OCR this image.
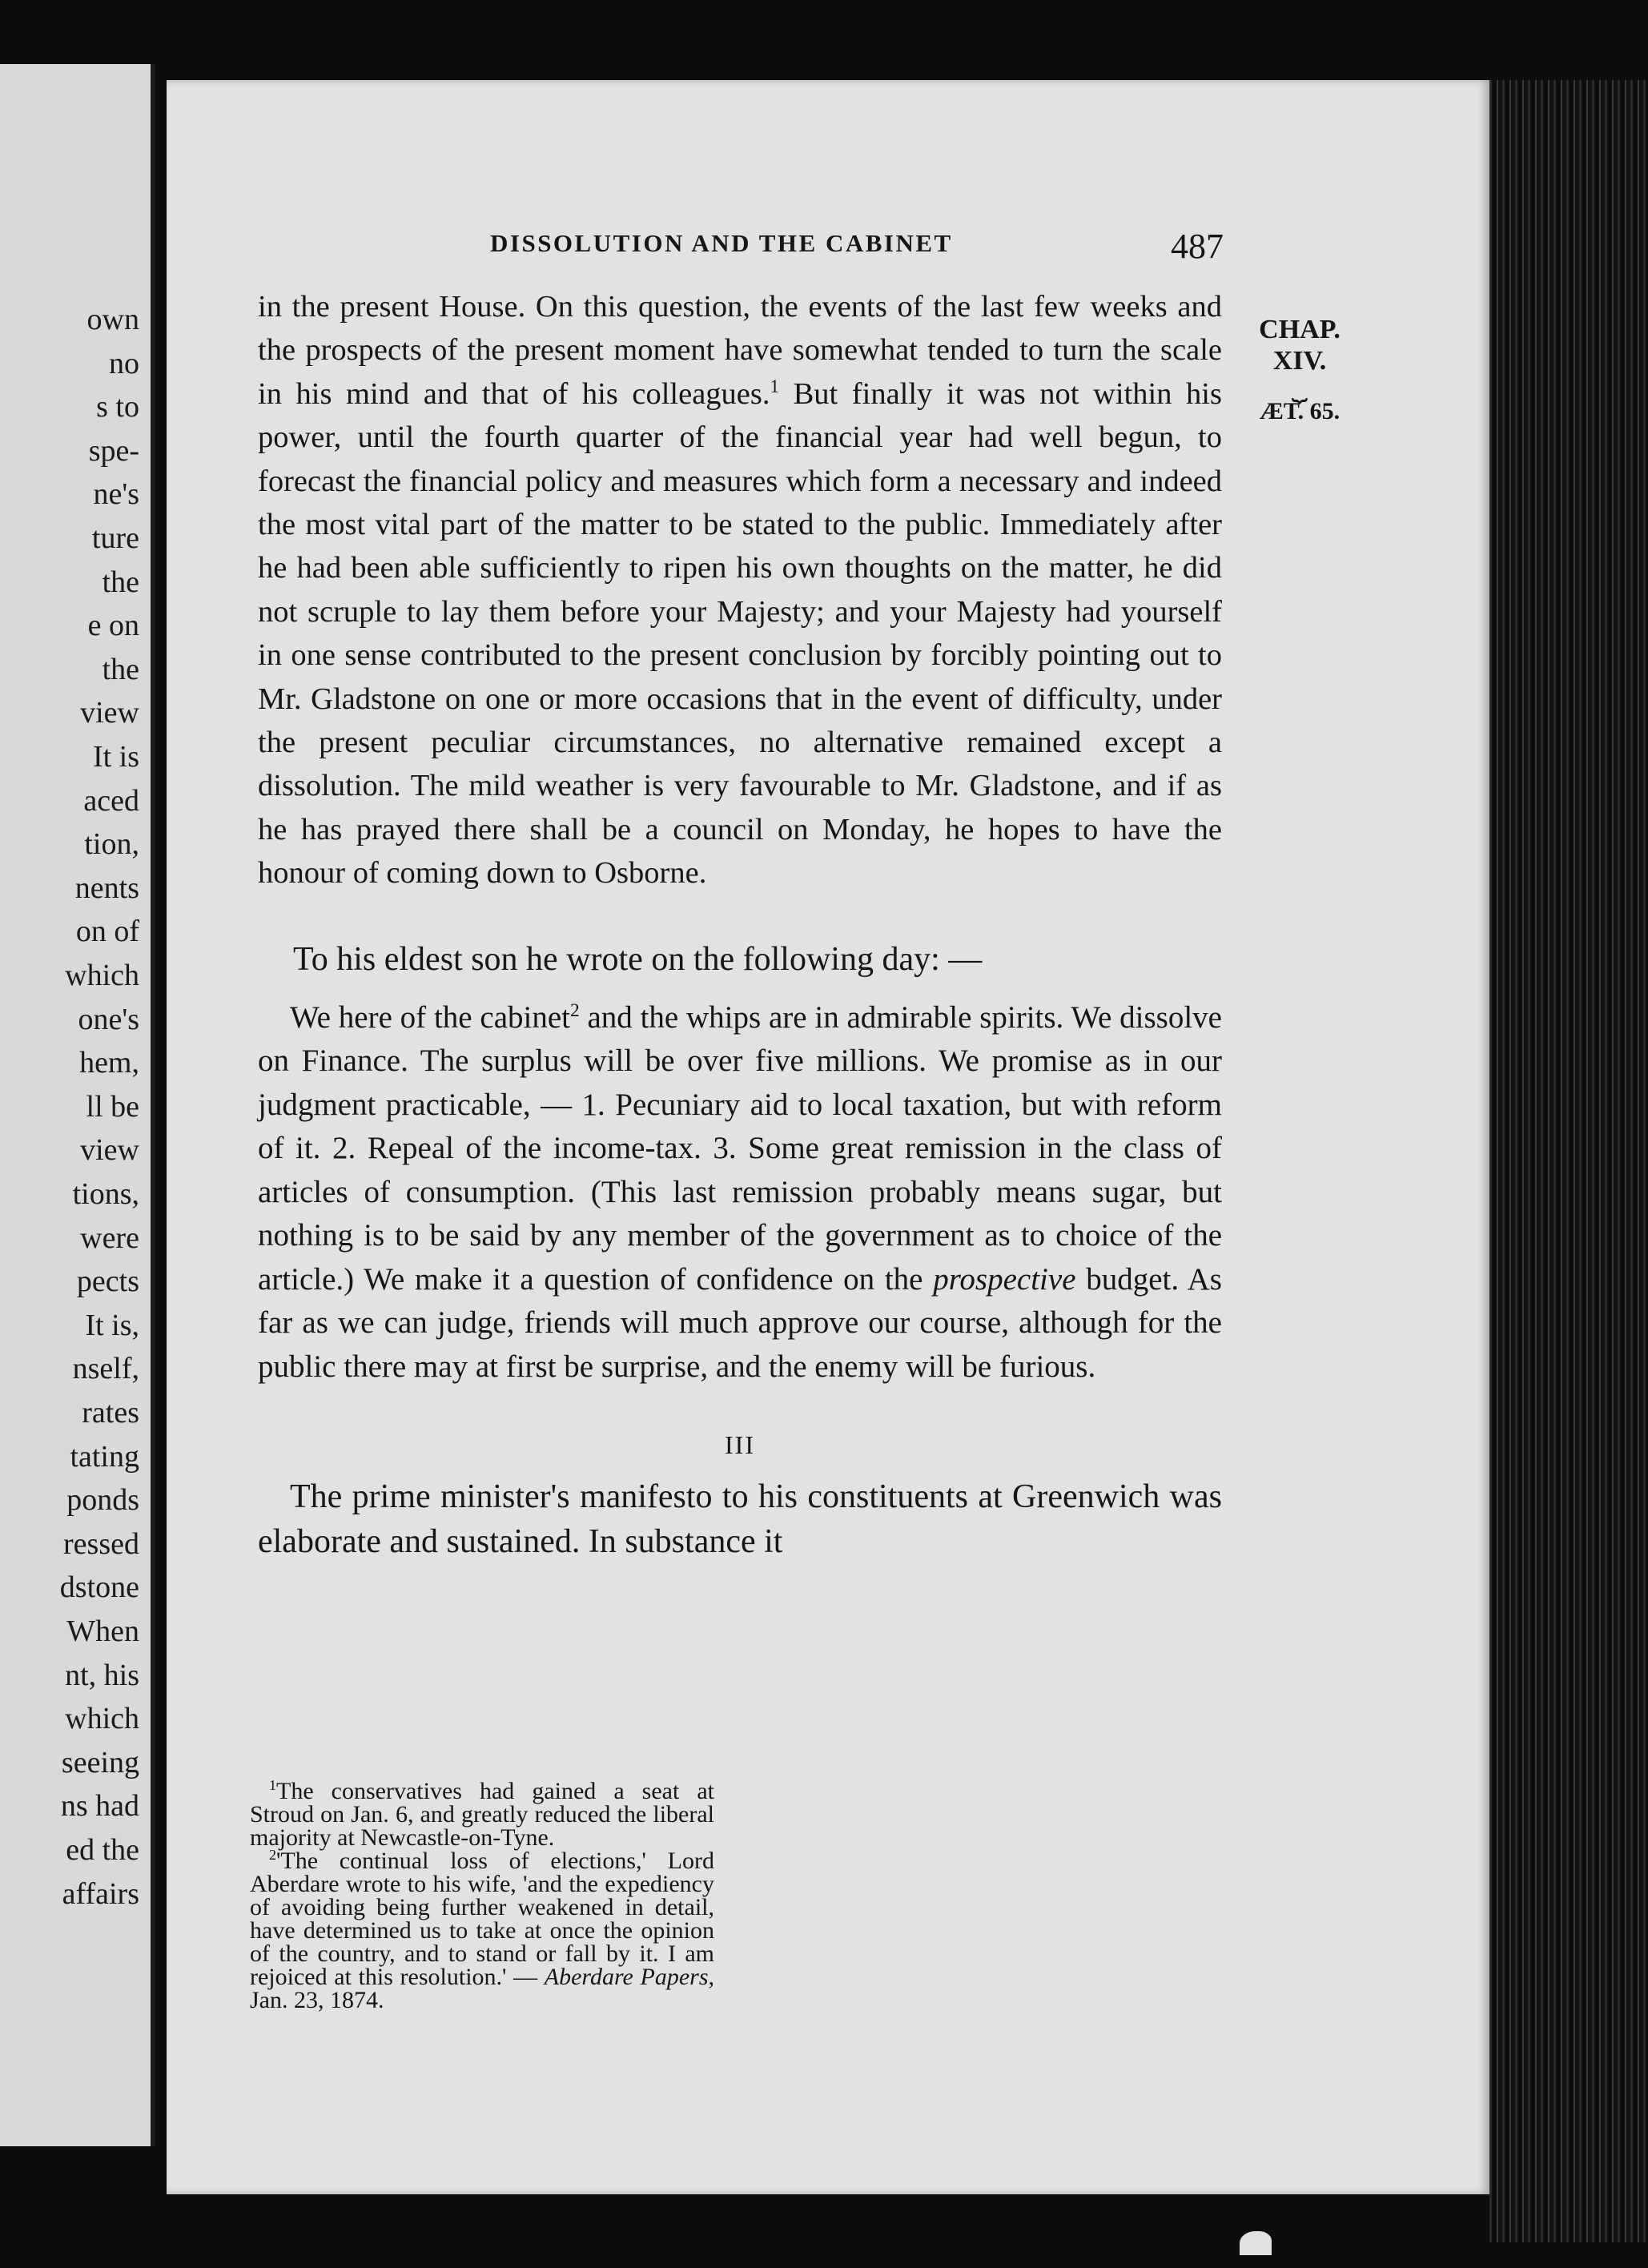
own
no
s to
spe-
ne's
ture
the
e on
the
view
It is
aced
tion,
nents
on of
which
one's
hem,
ll be
view
tions,
were
pects
It is,
nself,
rates
tating
ponds
ressed
dstone
When
nt, his
which
seeing
ns had
ed the
affairs
DISSOLUTION AND THE CABINET	487
CHAP.
XIV.
⏟
ÆT. 65.

in the present House. On this question, the events of the last few weeks and the prospects of the present moment have somewhat tended to turn the scale in his mind and that of his colleagues.$^1$ But finally it was not within his power, until the fourth quarter of the financial year had well begun, to forecast the financial policy and measures which form a necessary and indeed the most vital part of the matter to be stated to the public. Immediately after he had been able sufficiently to ripen his own thoughts on the matter, he did not scruple to lay them before your Majesty; and your Majesty had yourself in one sense contributed to the present conclusion by forcibly pointing out to Mr. Gladstone on one or more occasions that in the event of difficulty, under the present peculiar circumstances, no alternative remained except a dissolution. The mild weather is very favourable to Mr. Gladstone, and if as he has prayed there shall be a council on Monday, he hopes to have the honour of coming down to Osborne.

To his eldest son he wrote on the following day: —

We here of the cabinet$^2$ and the whips are in admirable spirits. We dissolve on Finance. The surplus will be over five millions. We promise as in our judgment practicable, — 1. Pecuniary aid to local taxation, but with reform of it. 2. Repeal of the income-tax. 3. Some great remission in the class of articles of consumption. (This last remission probably means sugar, but nothing is to be said by any member of the government as to choice of the article.) We make it a question of confidence on the prospective budget. As far as we can judge, friends will much approve our course, although for the public there may at first be surprise, and the enemy will be furious.

III

The prime minister's manifesto to his constituents at Greenwich was elaborate and sustained. In substance it

$^1$The conservatives had gained a seat at Stroud on Jan. 6, and greatly reduced the liberal majority at Newcastle-on-Tyne.

$^2$'The continual loss of elections,' Lord Aberdare wrote to his wife, 'and the expediency of avoiding being further weakened in detail, have determined us to take at once the opinion of the country, and to stand or fall by it. I am rejoiced at this resolution.' — Aberdare Papers, Jan. 23, 1874.
